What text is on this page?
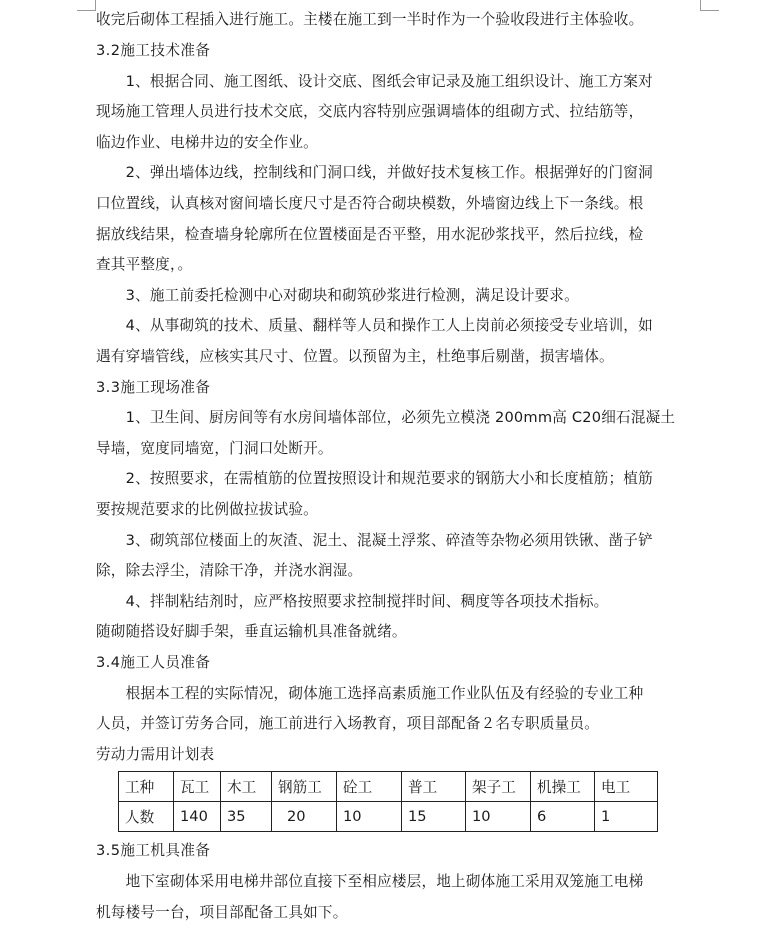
收完后砌体工程插入进行施工。主楼在施工到一半时作为一个验收段进行主体验收。
3.2施工技术准备
　　1、根据合同、施工图纸、设计交底、图纸会审记录及施工组织设计、施工方案对
现场施工管理人员进行技术交底，交底内容特别应强调墙体的组砌方式、拉结筋等，
临边作业、电梯井边的安全作业。
　　2、弹出墙体边线，控制线和门洞口线，并做好技术复核工作。根据弹好的门窗洞
口位置线，认真核对窗间墙长度尺寸是否符合砌块模数，外墙窗边线上下一条线。根
据放线结果，检查墙身轮廓所在位置楼面是否平整，用水泥砂浆找平，然后拉线，检
查其平整度，。
　　3、施工前委托检测中心对砌块和砌筑砂浆进行检测，满足设计要求。
　　4、从事砌筑的技术、质量、翻样等人员和操作工人上岗前必须接受专业培训，如
遇有穿墙管线，应核实其尺寸、位置。以预留为主，杜绝事后剔凿，损害墙体。
3.3施工现场准备
　　1、卫生间、厨房间等有水房间墙体部位，必须先立模浇 200mm高 C20细石混凝土
导墙，宽度同墙宽，门洞口处断开。
　　2、按照要求，在需植筋的位置按照设计和规范要求的钢筋大小和长度植筋；植筋
要按规范要求的比例做拉拔试验。
　　3、砌筑部位楼面上的灰渣、泥土、混凝土浮浆、碎渣等杂物必须用铁锹、凿子铲
除，除去浮尘，清除干净，并浇水润湿。
　　4、拌制粘结剂时，应严格按照要求控制搅拌时间、稠度等各项技术指标。
随砌随搭设好脚手架，垂直运输机具准备就绪。
3.4施工人员准备
　　根据本工程的实际情况，砌体施工选择高素质施工作业队伍及有经验的专业工种
人员，并签订劳务合同，施工前进行入场教育，项目部配备２名专职质量员。
劳动力需用计划表
工种	瓦工	木工	钢筋工	砼工	普工	架子工	机操工	电工
人数	140	35	20	10	15	10	6	1
3.5施工机具准备
　　地下室砌体采用电梯井部位直接下至相应楼层，地上砌体施工采用双笼施工电梯
机每楼号一台，项目部配备工具如下。
